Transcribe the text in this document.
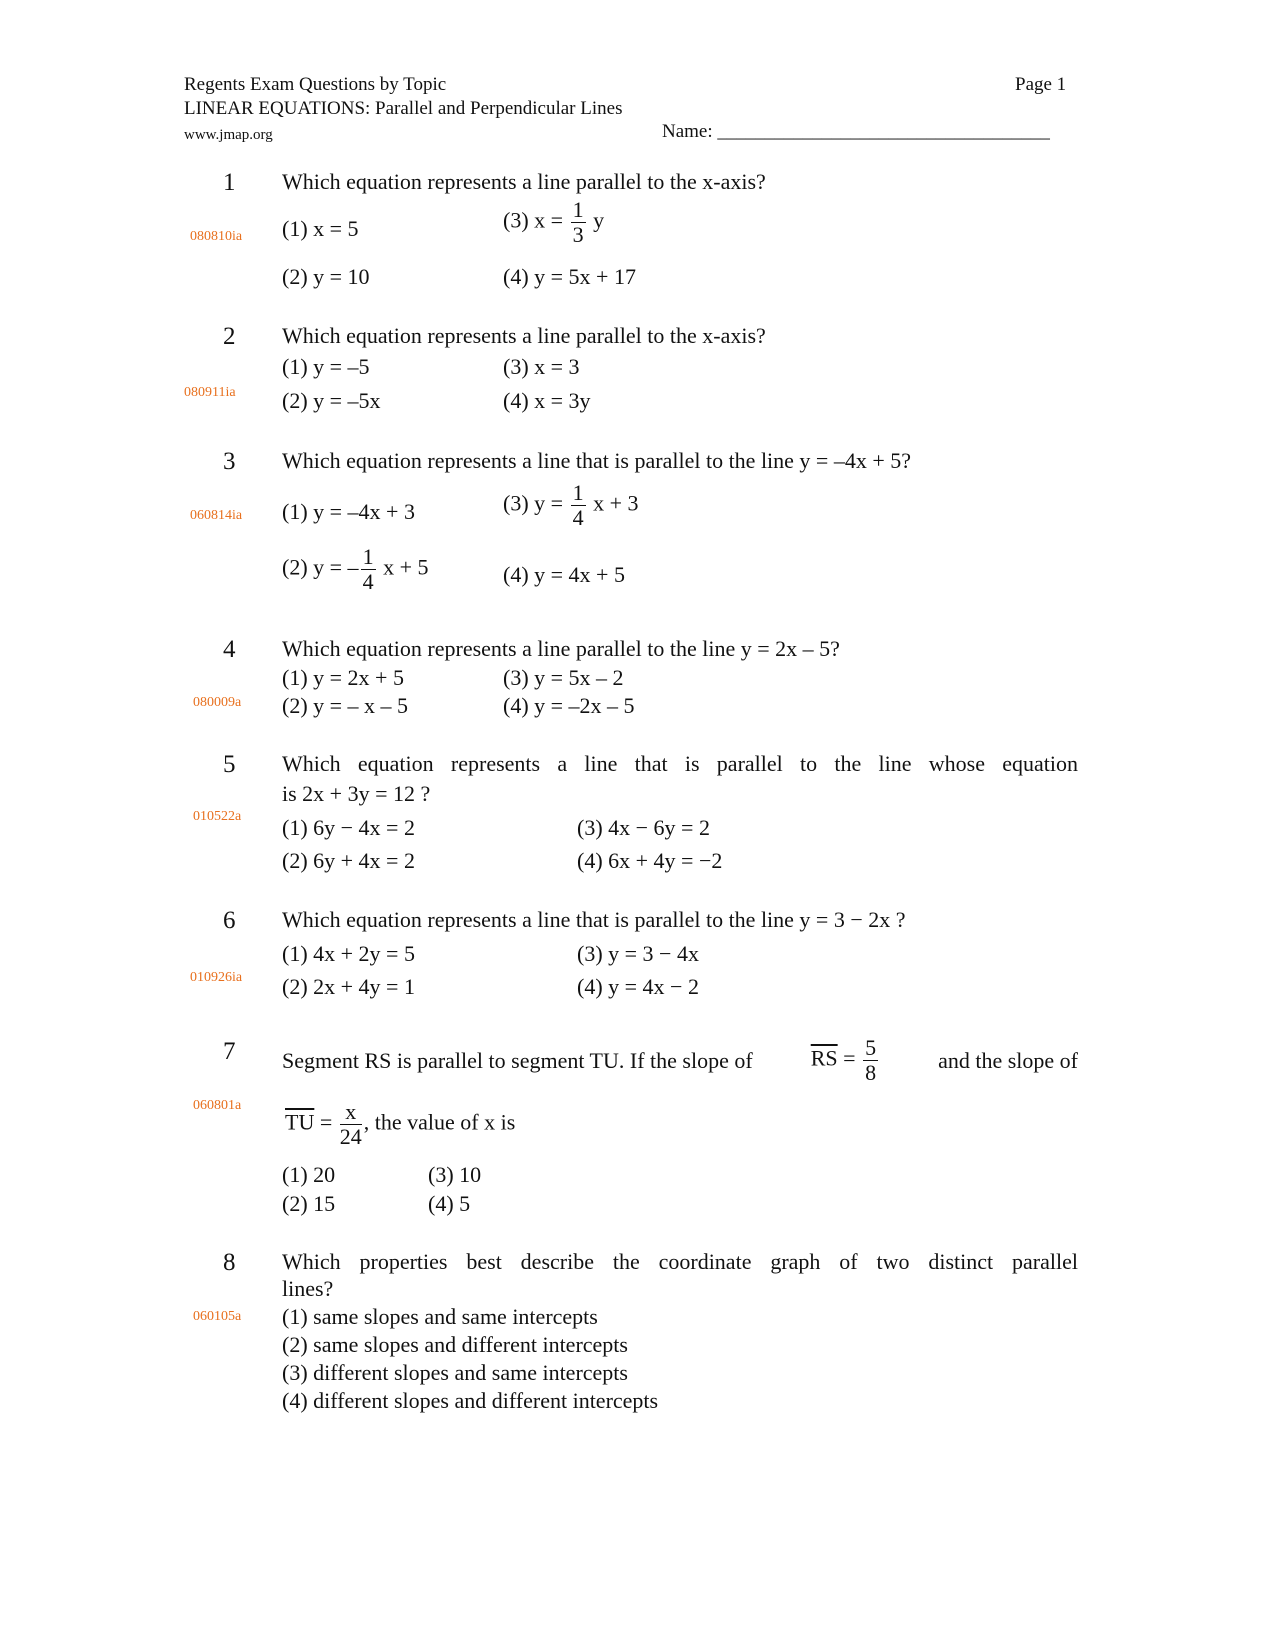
Regents Exam Questions by Topic	Page 1
LINEAR EQUATIONS: Parallel and Perpendicular Lines
www.jmap.org	Name: ___________________________________
1
080810ia
Which equation represents a line parallel to the x-axis?
(1) x = 5	(3) $x = \frac{1}{3}$ y
(2) y = 10	(4) y = 5x + 17
2
080911ia
Which equation represents a line parallel to the x-axis?
(1) y = –5	(3) x = 3
(2) y = –5x	(4) x = 3y
3
060814ia
Which equation represents a line that is parallel to the line y = –4x + 5?
(1) y = –4x + 3	(3) $y = \frac{1}{4}$ x + 3
(2) y = – $\frac{1}{4}$ x + 5	(4) y = 4x + 5
4
080009a
Which equation represents a line parallel to the line y = 2x – 5?
(1) y = 2x + 5	(3) y = 5x – 2
(2) y = – x – 5	(4) y = –2x – 5
5
010522a
Which equation represents a line that is parallel to the line whose equation
is 2x + 3y = 12 ?
(1) 6y − 4x = 2	(3) 4x − 6y = 2
(2) 6y + 4x = 2	(4) 6x + 4y = −2
6
010926ia
Which equation represents a line that is parallel to the line y = 3 − 2x ?
(1) 4x + 2y = 5	(3) y = 3 − 4x
(2) 2x + 4y = 1	(4) y = 4x − 2
7
060801a
Segment RS is parallel to segment TU. If the slope of	$\overline{RS} = \frac{5}{8}$	and the slope of
$\overline{TU} = \frac{x}{24}$ , the value of x is
(1) 20	(3) 10
(2) 15	(4) 5
8
060105a
Which properties best describe the coordinate graph of two distinct parallel
lines?
(1) same slopes and same intercepts
(2) same slopes and different intercepts
(3) different slopes and same intercepts
(4) different slopes and different intercepts
